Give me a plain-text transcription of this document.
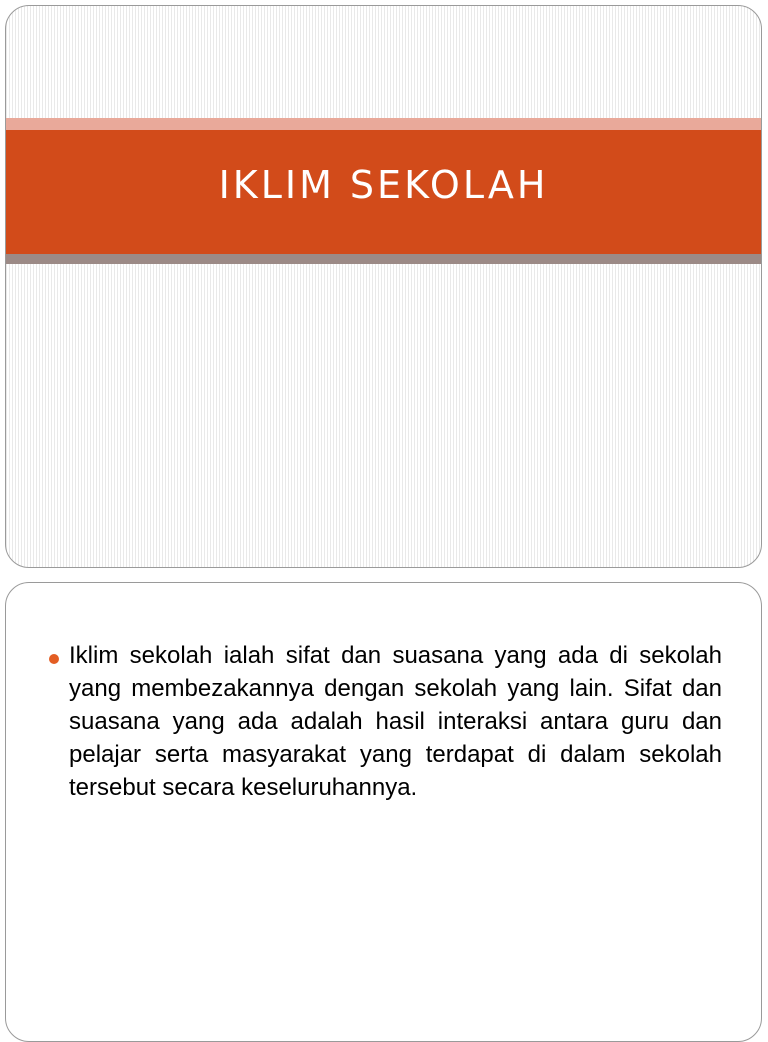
IKLIM SEKOLAH

Iklim sekolah ialah sifat dan suasana yang ada di sekolah yang membezakannya dengan sekolah yang lain. Sifat dan suasana yang ada adalah hasil interaksi antara guru dan pelajar serta masyarakat yang terdapat di dalam sekolah tersebut secara keseluruhannya.
